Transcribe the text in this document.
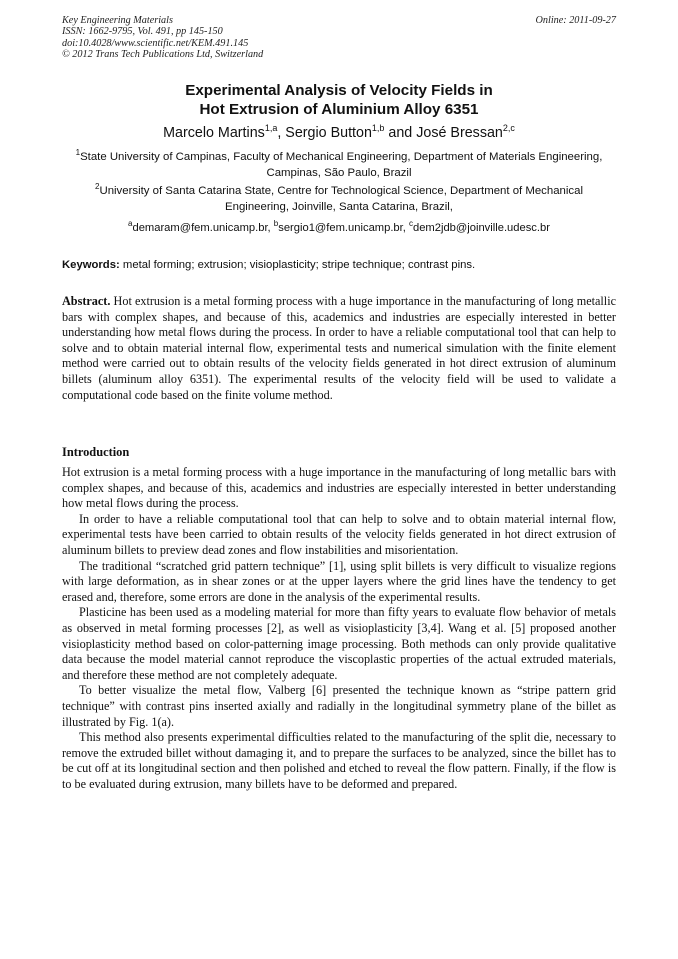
Key Engineering Materials
ISSN: 1662-9795, Vol. 491, pp 145-150
doi:10.4028/www.scientific.net/KEM.491.145
© 2012 Trans Tech Publications Ltd, Switzerland
Online: 2011-09-27
Experimental Analysis of Velocity Fields in
Hot Extrusion of Aluminium Alloy 6351
Marcelo Martins$^{1,a}$, Sergio Button$^{1,b}$ and José Bressan$^{2,c}$
$^1$State University of Campinas, Faculty of Mechanical Engineering, Department of Materials Engineering, Campinas, São Paulo, Brazil
$^2$University of Santa Catarina State, Centre for Technological Science, Department of Mechanical Engineering, Joinville, Santa Catarina, Brazil,
$^a$demaram@fem.unicamp.br, $^b$sergio1@fem.unicamp.br, $^c$dem2jdb@joinville.udesc.br
Keywords: metal forming; extrusion; visioplasticity; stripe technique; contrast pins.
Abstract. Hot extrusion is a metal forming process with a huge importance in the manufacturing of long metallic bars with complex shapes, and because of this, academics and industries are especially interested in better understanding how metal flows during the process. In order to have a reliable computational tool that can help to solve and to obtain material internal flow, experimental tests and numerical simulation with the finite element method were carried out to obtain results of the velocity fields generated in hot direct extrusion of aluminum billets (aluminum alloy 6351). The experimental results of the velocity field will be used to validate a computational code based on the finite volume method.
Introduction

Hot extrusion is a metal forming process with a huge importance in the manufacturing of long metallic bars with complex shapes, and because of this, academics and industries are especially interested in better understanding how metal flows during the process.

In order to have a reliable computational tool that can help to solve and to obtain material internal flow, experimental tests have been carried to obtain results of the velocity fields generated in hot direct extrusion of aluminum billets to preview dead zones and flow instabilities and misorientation.

The traditional “scratched grid pattern technique” [1], using split billets is very difficult to visualize regions with large deformation, as in shear zones or at the upper layers where the grid lines have the tendency to get erased and, therefore, some errors are done in the analysis of the experimental results.

Plasticine has been used as a modeling material for more than fifty years to evaluate flow behavior of metals as observed in metal forming processes [2], as well as visioplasticity [3,4]. Wang et al. [5] proposed another visioplasticity method based on color-patterning image processing. Both methods can only provide qualitative data because the model material cannot reproduce the viscoplastic properties of the actual extruded materials, and therefore these method are not completely adequate.

To better visualize the metal flow, Valberg [6] presented the technique known as “stripe pattern grid technique” with contrast pins inserted axially and radially in the longitudinal symmetry plane of the billet as illustrated by Fig. 1(a).

This method also presents experimental difficulties related to the manufacturing of the split die, necessary to remove the extruded billet without damaging it, and to prepare the surfaces to be analyzed, since the billet has to be cut off at its longitudinal section and then polished and etched to reveal the flow pattern. Finally, if the flow is to be evaluated during extrusion, many billets have to be deformed and prepared.
